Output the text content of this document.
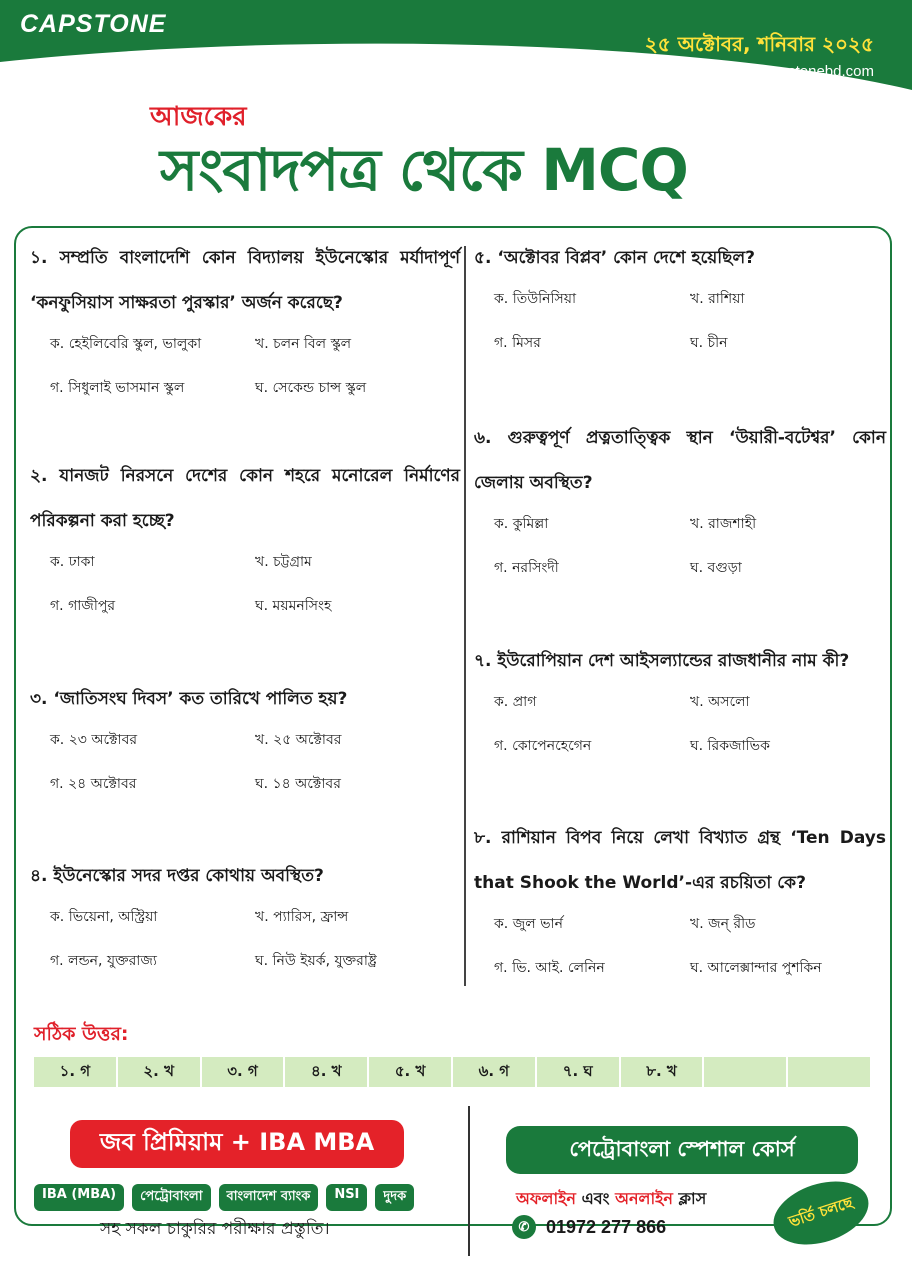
CAPSTONE
২৫ অক্টোবর, শনিবার ২০২৫
www.capstonebd.com
আজকের
সংবাদপত্র থেকে MCQ
১. সম্প্রতি বাংলাদেশি কোন বিদ্যালয় ইউনেস্কোর মর্যাদাপূর্ণ ‘কনফুসিয়াস সাক্ষরতা পুরস্কার’ অর্জন করেছে?
ক. হেইলিবেরি স্কুল, ভালুকা	খ. চলন বিল স্কুল
গ. সিধুলাই ভাসমান স্কুল	ঘ. সেকেন্ড চান্স স্কুল
২. যানজট নিরসনে দেশের কোন শহরে মনোরেল নির্মাণের পরিকল্পনা করা হচ্ছে?
ক. ঢাকা	খ. চট্টগ্রাম
গ. গাজীপুর	ঘ. ময়মনসিংহ
৩. ‘জাতিসংঘ দিবস’ কত তারিখে পালিত হয়?
ক. ২৩ অক্টোবর	খ. ২৫ অক্টোবর
গ. ২৪ অক্টোবর	ঘ. ১৪ অক্টোবর
৪. ইউনেস্কোর সদর দপ্তর কোথায় অবস্থিত?
ক. ভিয়েনা, অস্ট্রিয়া	খ. প্যারিস, ফ্রান্স
গ. লন্ডন, যুক্তরাজ্য	ঘ. নিউ ইয়র্ক, যুক্তরাষ্ট্র
৫. ‘অক্টোবর বিপ্লব’ কোন দেশে হয়েছিল?
ক. তিউনিসিয়া	খ. রাশিয়া
গ. মিসর	ঘ. চীন
৬. গুরুত্বপূর্ণ প্রত্নতাত্ত্বিক স্থান ‘উয়ারী-বটেশ্বর’ কোন জেলায় অবস্থিত?
ক. কুমিল্লা	খ. রাজশাহী
গ. নরসিংদী	ঘ. বগুড়া
৭. ইউরোপিয়ান দেশ আইসল্যান্ডের রাজধানীর নাম কী?
ক. প্রাগ	খ. অসলো
গ. কোপেনহেগেন	ঘ. রিকজাভিক
৮. রাশিয়ান বিপব নিয়ে লেখা বিখ্যাত গ্রন্থ ‘Ten Days that Shook the World’-এর রচয়িতা কে?
ক. জুল ভার্ন	খ. জন্ রীড
গ. ভি. আই. লেনিন	ঘ. আলেক্সান্দার পুশকিন
সঠিক উত্তর:
১. গ	২. খ	৩. গ	৪. খ	৫. খ	৬. গ	৭. ঘ	৮. খ
জব প্রিমিয়াম + IBA MBA
IBA (MBA)	পেট্রোবাংলা	বাংলাদেশ ব্যাংক	NSI	দুদক
সহ সকল চাকুরির পরীক্ষার প্রস্তুতি।
পেট্রোবাংলা স্পেশাল কোর্স
অফলাইন এবং অনলাইন ক্লাস
✆ 01972 277 866	ভর্তি চলছে
